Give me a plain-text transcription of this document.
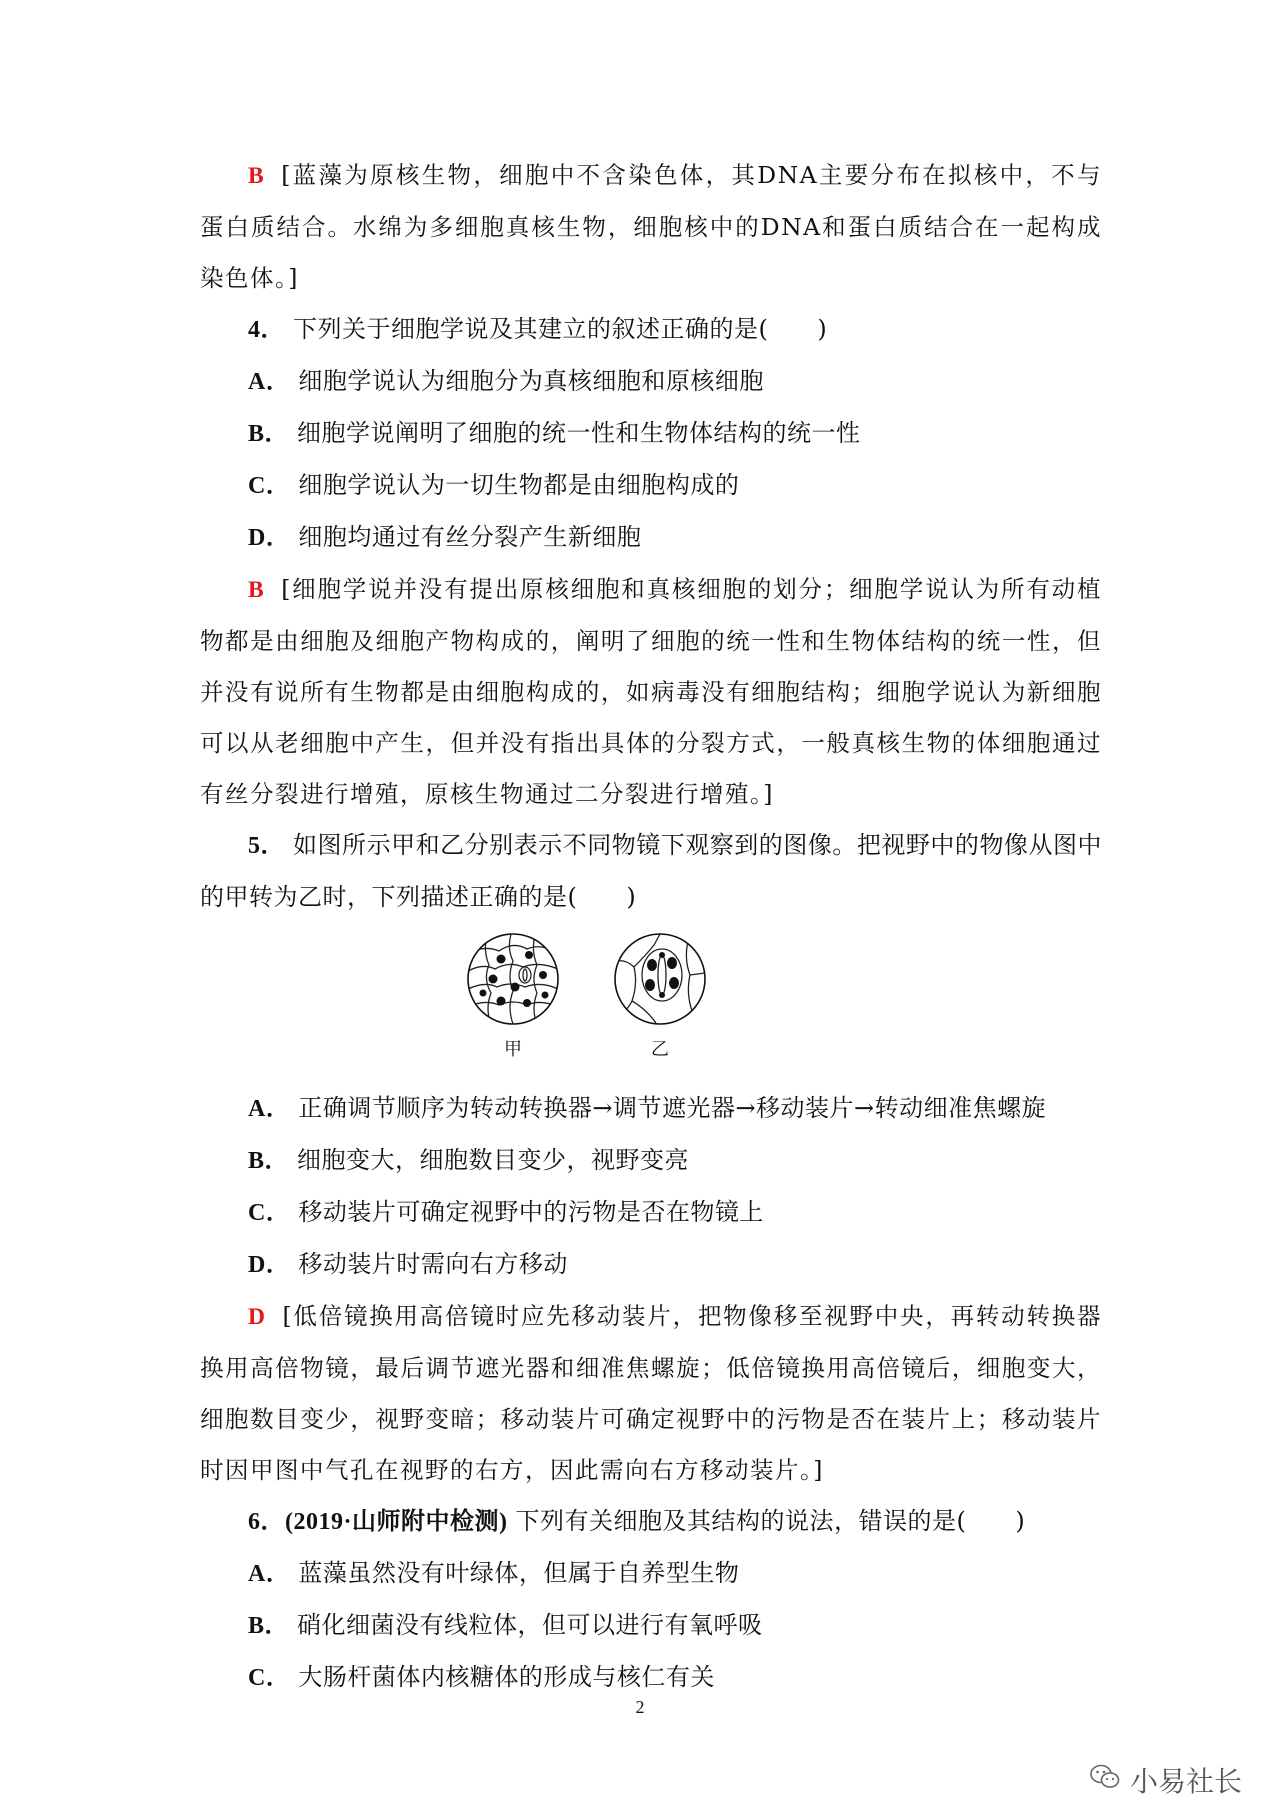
B [蓝藻为原核生物，细胞中不含染色体，其DNA主要分布在拟核中，不与蛋白质结合。水绵为多细胞真核生物，细胞核中的DNA和蛋白质结合在一起构成染色体。]

4． 下列关于细胞学说及其建立的叙述正确的是(　　)

A． 细胞学说认为细胞分为真核细胞和原核细胞

B． 细胞学说阐明了细胞的统一性和生物体结构的统一性

C． 细胞学说认为一切生物都是由细胞构成的

D． 细胞均通过有丝分裂产生新细胞

B [细胞学说并没有提出原核细胞和真核细胞的划分；细胞学说认为所有动植物都是由细胞及细胞产物构成的，阐明了细胞的统一性和生物体结构的统一性，但并没有说所有生物都是由细胞构成的，如病毒没有细胞结构；细胞学说认为新细胞可以从老细胞中产生，但并没有指出具体的分裂方式，一般真核生物的体细胞通过有丝分裂进行增殖，原核生物通过二分裂进行增殖。]

5． 如图所示甲和乙分别表示不同物镜下观察到的图像。把视野中的物像从图中的甲转为乙时，下列描述正确的是(　　)

甲	乙

A． 正确调节顺序为转动转换器→调节遮光器→移动装片→转动细准焦螺旋

B． 细胞变大，细胞数目变少，视野变亮

C． 移动装片可确定视野中的污物是否在物镜上

D． 移动装片时需向右方移动

D [低倍镜换用高倍镜时应先移动装片，把物像移至视野中央，再转动转换器换用高倍物镜，最后调节遮光器和细准焦螺旋；低倍镜换用高倍镜后，细胞变大，细胞数目变少，视野变暗；移动装片可确定视野中的污物是否在装片上；移动装片时因甲图中气孔在视野的右方，因此需向右方移动装片。]

6．(2019·山师附中检测) 下列有关细胞及其结构的说法，错误的是(　　)

A． 蓝藻虽然没有叶绿体，但属于自养型生物

B． 硝化细菌没有线粒体，但可以进行有氧呼吸

C． 大肠杆菌体内核糖体的形成与核仁有关

2
小易社长
